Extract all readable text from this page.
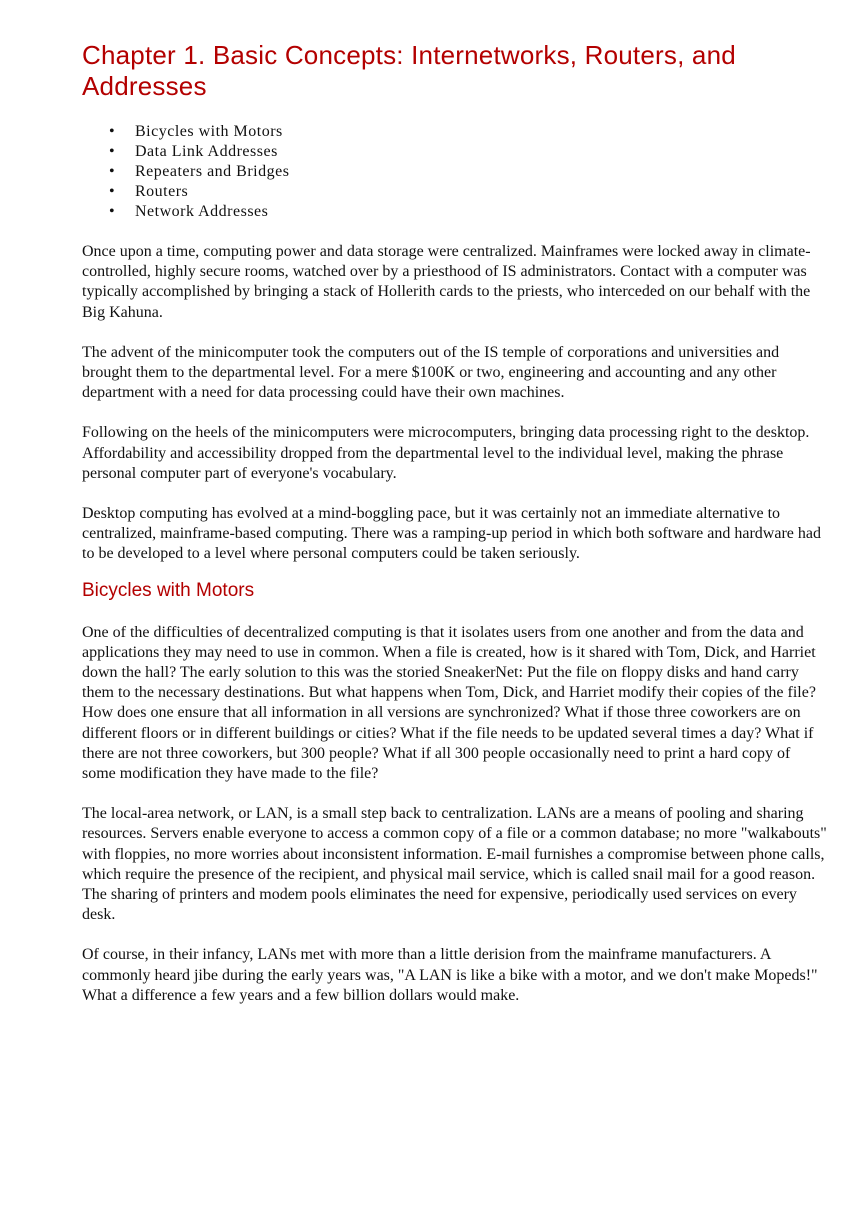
Chapter 1. Basic Concepts: Internetworks, Routers, and Addresses
• Bicycles with Motors
• Data Link Addresses
• Repeaters and Bridges
• Routers
• Network Addresses

Once upon a time, computing power and data storage were centralized. Mainframes were locked away in climate-controlled, highly secure rooms, watched over by a priesthood of IS administrators. Contact with a computer was typically accomplished by bringing a stack of Hollerith cards to the priests, who interceded on our behalf with the Big Kahuna.

The advent of the minicomputer took the computers out of the IS temple of corporations and universities and brought them to the departmental level. For a mere $100K or two, engineering and accounting and any other department with a need for data processing could have their own machines.

Following on the heels of the minicomputers were microcomputers, bringing data processing right to the desktop. Affordability and accessibility dropped from the departmental level to the individual level, making the phrase personal computer part of everyone's vocabulary.

Desktop computing has evolved at a mind-boggling pace, but it was certainly not an immediate alternative to centralized, mainframe-based computing. There was a ramping-up period in which both software and hardware had to be developed to a level where personal computers could be taken seriously.

Bicycles with Motors

One of the difficulties of decentralized computing is that it isolates users from one another and from the data and applications they may need to use in common. When a file is created, how is it shared with Tom, Dick, and Harriet down the hall? The early solution to this was the storied SneakerNet: Put the file on floppy disks and hand carry them to the necessary destinations. But what happens when Tom, Dick, and Harriet modify their copies of the file? How does one ensure that all information in all versions are synchronized? What if those three coworkers are on different floors or in different buildings or cities? What if the file needs to be updated several times a day? What if there are not three coworkers, but 300 people? What if all 300 people occasionally need to print a hard copy of some modification they have made to the file?

The local-area network, or LAN, is a small step back to centralization. LANs are a means of pooling and sharing resources. Servers enable everyone to access a common copy of a file or a common database; no more "walkabouts" with floppies, no more worries about inconsistent information. E-mail furnishes a compromise between phone calls, which require the presence of the recipient, and physical mail service, which is called snail mail for a good reason. The sharing of printers and modem pools eliminates the need for expensive, periodically used services on every desk.

Of course, in their infancy, LANs met with more than a little derision from the mainframe manufacturers. A commonly heard jibe during the early years was, "A LAN is like a bike with a motor, and we don't make Mopeds!" What a difference a few years and a few billion dollars would make.
